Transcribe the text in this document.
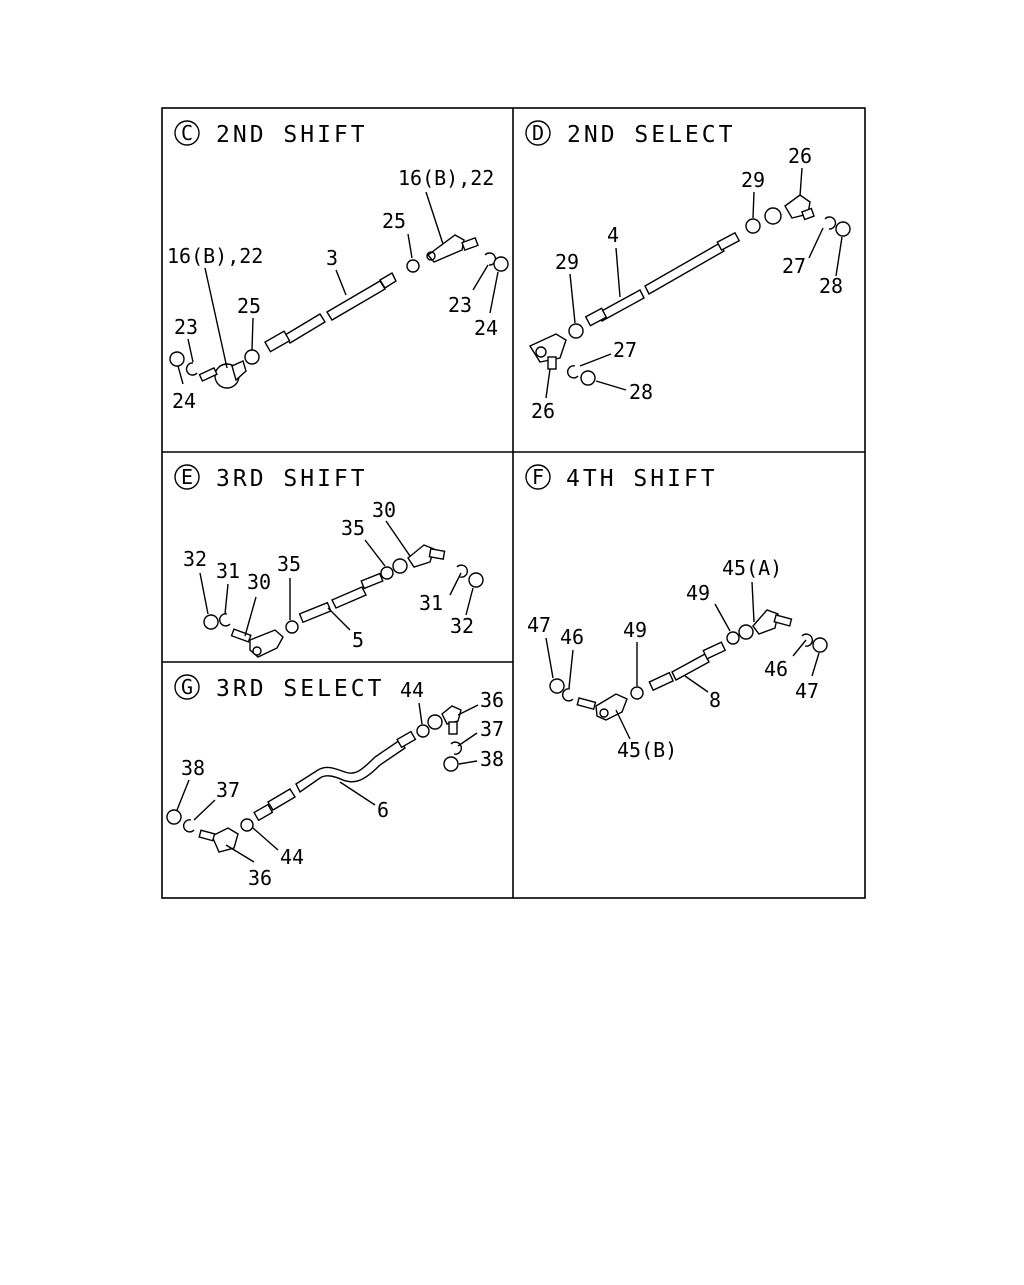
C 2ND SHIFT
16(B),22
3
25
16(B),22
25
23
23
24
24
D 2ND SELECT
26
29
4
29	27
28
27
26
28
E 3RD SHIFT
30
35
32 31 30
35
31
32
5
F 4TH SHIFT
45(A)
49
47 46 49
46
47
8
45(B)
G 3RD SELECT 44	36
37
38
38
37
6
44
36
